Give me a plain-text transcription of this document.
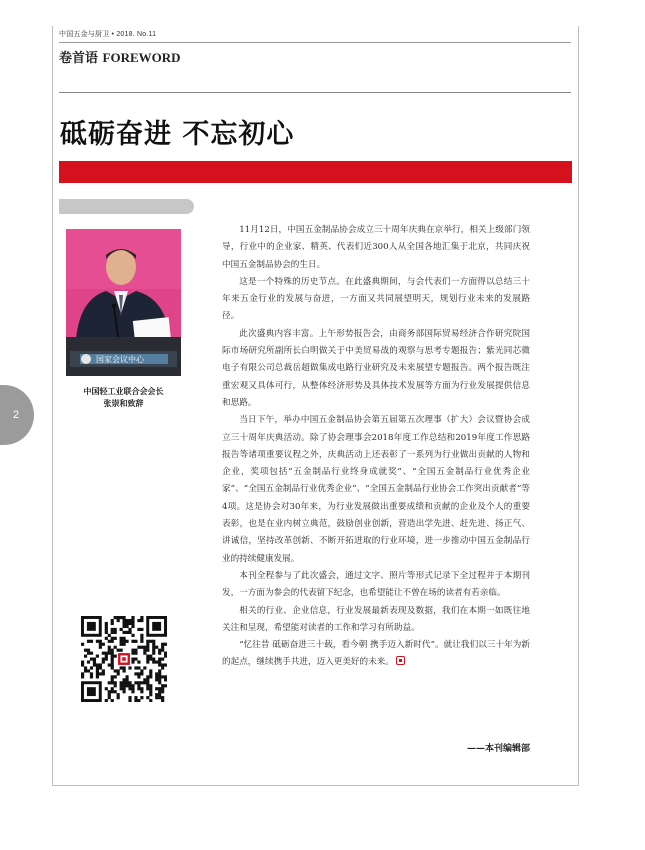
中国五金与厨卫 • 2018. No.11
卷首语 FOREWORD
砥砺奋进 不忘初心
2
国家会议中心
中国轻工业联合会会长
张崇和致辞

11月12日，中国五金制品协会成立三十周年庆典在京举行，相关上级部门领导，行业中的企业家、精英、代表们近300人从全国各地汇集于北京，共同庆祝中国五金制品协会的生日。

这是一个特殊的历史节点。在此盛典期间，与会代表们一方面得以总结三十年来五金行业的发展与奋进，一方面又共同展望明天，规划行业未来的发展路径。

此次盛典内容丰富。上午形势报告会，由商务部国际贸易经济合作研究院国际市场研究所副所长白明做关于中美贸易战的观察与思考专题报告；紫光同芯微电子有限公司总裁岳超做集成电路行业研究及未来展望专题报告。两个报告既注重宏观又具体可行，从整体经济形势及具体技术发展等方面为行业发展提供信息和思路。

当日下午，举办中国五金制品协会第五届第五次理事（扩大）会议暨协会成立三十周年庆典活动。除了协会理事会2018年度工作总结和2019年度工作思路报告等诸项重要议程之外，庆典活动上还表彰了一系列为行业做出贡献的人物和企业，奖项包括“五金制品行业终身成就奖”、“全国五金制品行业优秀企业家”、“全国五金制品行业优秀企业”、“全国五金制品行业协会工作突出贡献者”等4项。这是协会对30年来，为行业发展做出重要成绩和贡献的企业及个人的重要表彰，也是在业内树立典范，鼓励创业创新，营造出学先进、赶先进、扬正气、讲诚信，坚持改革创新、不断开拓进取的行业环境，进一步推动中国五金制品行业的持续健康发展。

本刊全程参与了此次盛会，通过文字、照片等形式记录下全过程并于本期刊发，一方面为参会的代表留下纪念，也希望能让不曾在场的读者有若亲临。

相关的行业、企业信息，行业发展最新表现及数据，我们在本期一如既往地关注和呈现，希望能对读者的工作和学习有所助益。

“忆往昔 砥砺奋进三十载，看今朝 携手迈入新时代”。就让我们以三十年为新的起点，继续携手共进，迈入更美好的未来。

——本刊编辑部
